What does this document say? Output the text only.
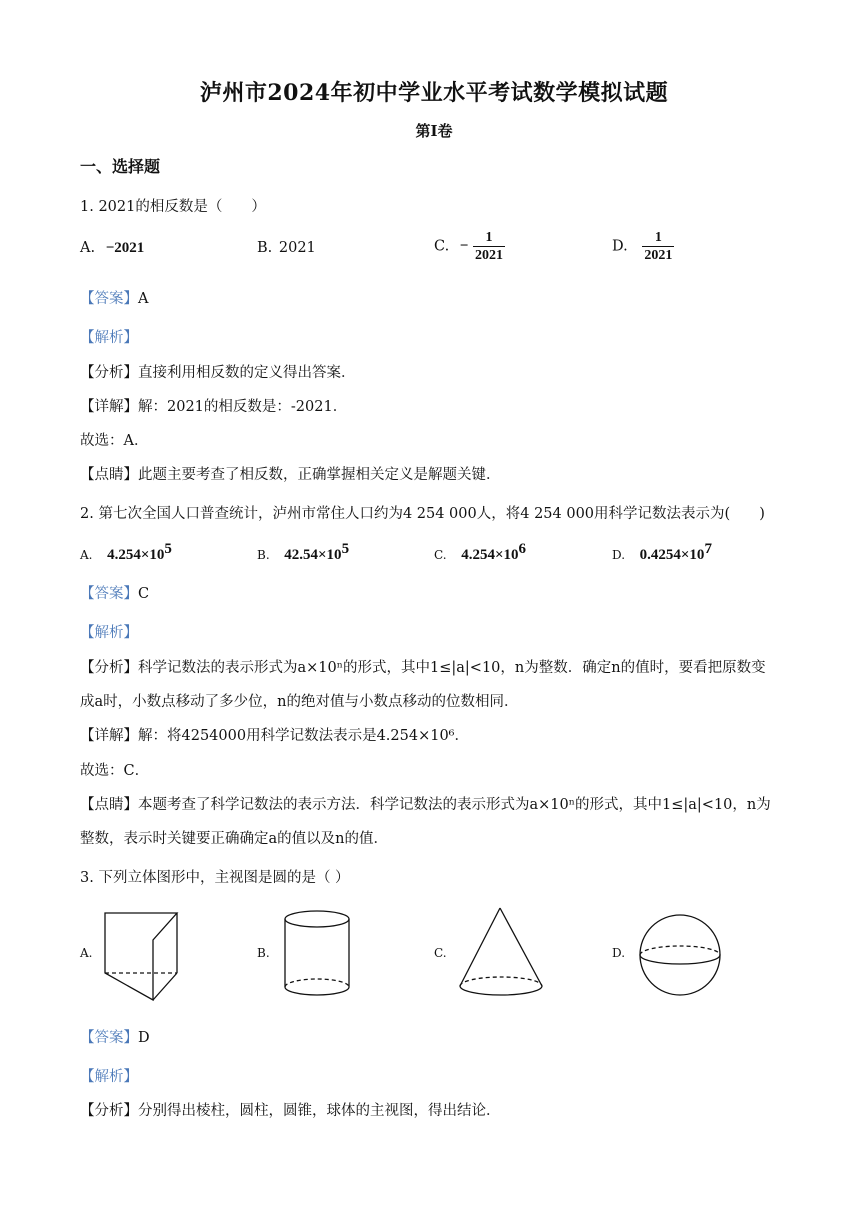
泸州市2024年初中学业水平考试数学模拟试题
第Ⅰ卷
一、选择题
1. 2021的相反数是（　　）
A. −2021	B. 2021	C. − $\frac{1}{2021}$	D. $\frac{1}{2021}$
【答案】A
【解析】
【分析】直接利用相反数的定义得出答案．
【详解】解：2021的相反数是：-2021．
故选：A．
【点睛】此题主要考查了相反数，正确掌握相关定义是解题关键．
2. 第七次全国人口普查统计，泸州市常住人口约为4 254 000人，将4 254 000用科学记数法表示为(　　)
A. $4.254\times 10^5$	B. $42.54\times 10^5$	C. $4.254\times 10^6$	D. $0.4254\times 10^7$
【答案】C
【解析】
【分析】科学记数法的表示形式为a×10ⁿ的形式，其中1≤|a|<10，n为整数．确定n的值时，要看把原数变
成a时，小数点移动了多少位，n的绝对值与小数点移动的位数相同．
【详解】解：将4254000用科学记数法表示是4.254×10⁶．
故选：C．
【点睛】本题考查了科学记数法的表示方法．科学记数法的表示形式为a×10ⁿ的形式，其中1≤|a|<10，n为
整数，表示时关键要正确确定a的值以及n的值．
3. 下列立体图形中，主视图是圆的是（ ）
A.	B.	C.	D.
【答案】D
【解析】
【分析】分别得出棱柱，圆柱，圆锥，球体的主视图，得出结论．
